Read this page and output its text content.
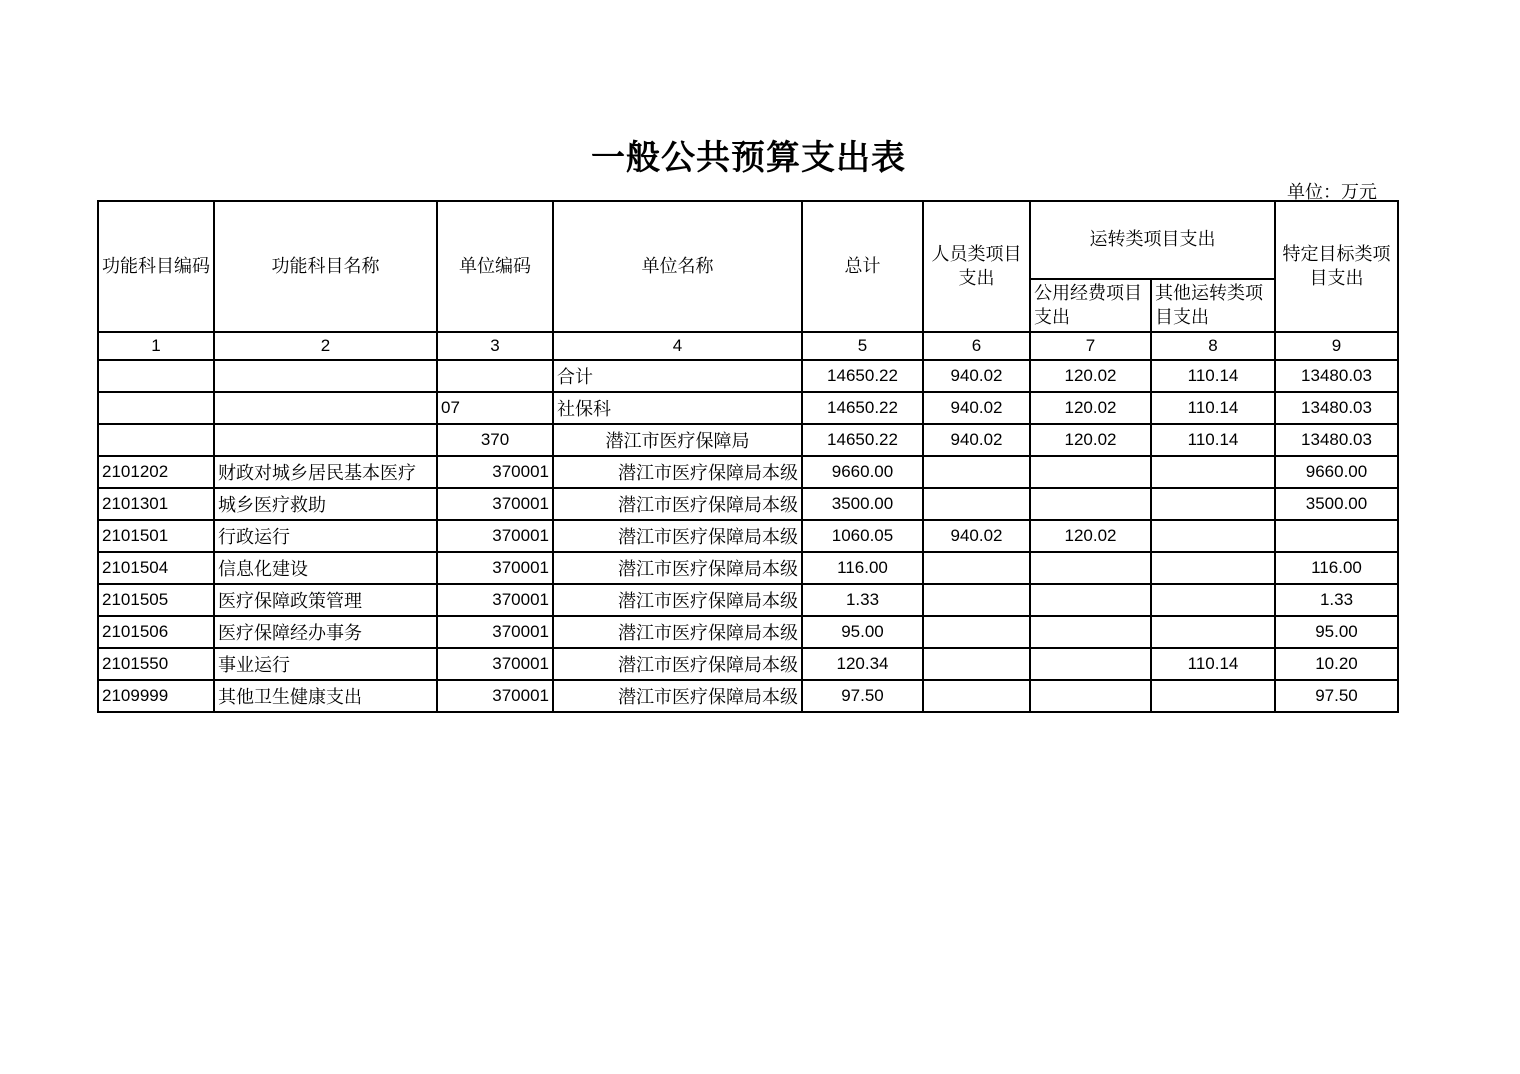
一般公共预算支出表
单位：万元
功能科目编码	功能科目名称	单位编码	单位名称	总计	人员类项目支出	运转类项目支出		特定目标类项目支出
						公用经费项目支出	其他运转类项目支出	
1	2	3	4	5	6	7	8	9
			合计	14650.22	940.02	120.02	110.14	13480.03
		07	社保科	14650.22	940.02	120.02	110.14	13480.03
		370	潜江市医疗保障局	14650.22	940.02	120.02	110.14	13480.03
2101202	财政对城乡居民基本医疗	370001	潜江市医疗保障局本级	9660.00				9660.00
2101301	城乡医疗救助	370001	潜江市医疗保障局本级	3500.00				3500.00
2101501	行政运行	370001	潜江市医疗保障局本级	1060.05	940.02	120.02		
2101504	信息化建设	370001	潜江市医疗保障局本级	116.00				116.00
2101505	医疗保障政策管理	370001	潜江市医疗保障局本级	1.33				1.33
2101506	医疗保障经办事务	370001	潜江市医疗保障局本级	95.00				95.00
2101550	事业运行	370001	潜江市医疗保障局本级	120.34			110.14	10.20
2109999	其他卫生健康支出	370001	潜江市医疗保障局本级	97.50				97.50
